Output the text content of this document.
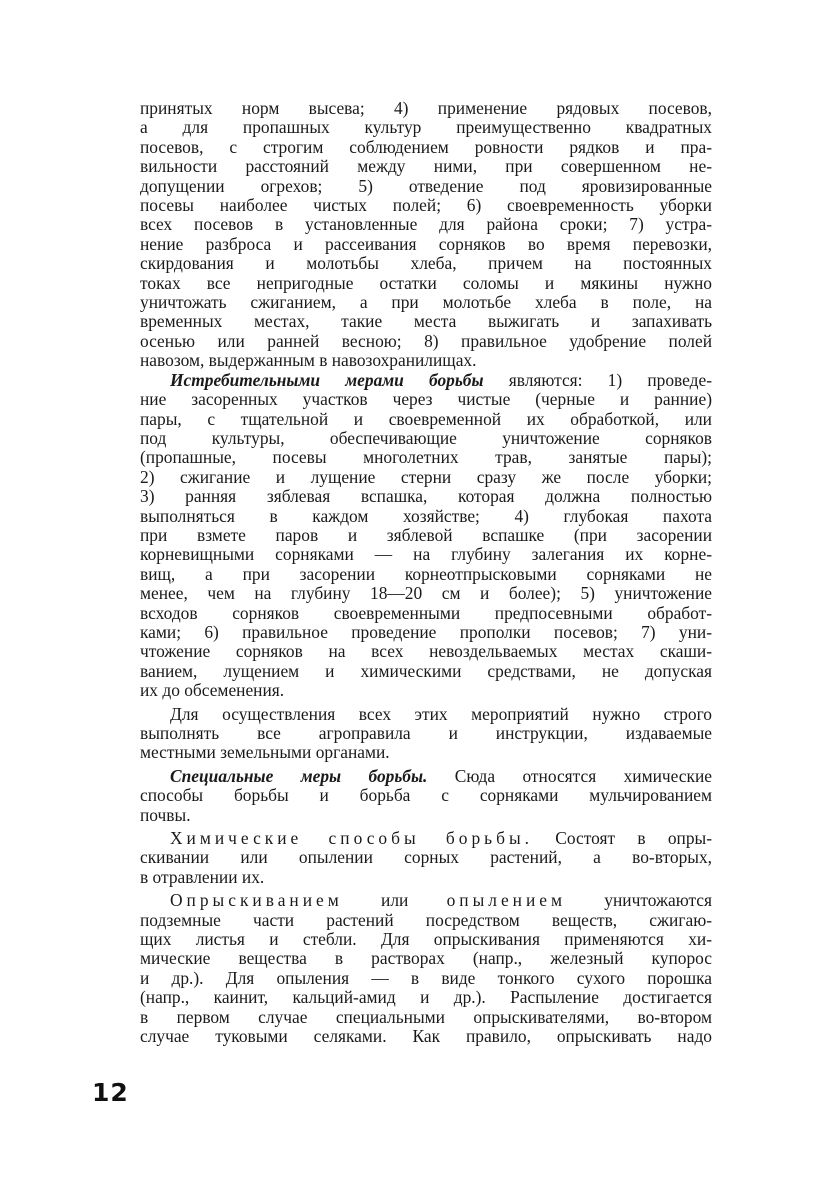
принятых норм высева; 4) применение рядовых посевов,
а для пропашных культур преимущественно квадратных
посевов, с строгим соблюдением ровности рядков и пра-
вильности расстояний между ними, при совершенном не-
допущении огрехов; 5) отведение под яровизированные
посевы наиболее чистых полей; 6) своевременность уборки
всех посевов в установленные для района сроки; 7) устра-
нение разброса и рассеивания сорняков во время перевозки,
скирдования и молотьбы хлеба, причем на постоянных
токах все непригодные остатки соломы и мякины нужно
уничтожать сжиганием, а при молотьбе хлеба в поле, на
временных местах, такие места выжигать и запахивать
осенью или ранней весною; 8) правильное удобрение полей
навозом, выдержанным в навозохранилищах.

Истребительными мерами борьбы являются: 1) проведе-
ние засоренных участков через чистые (черные и ранние)
пары, с тщательной и своевременной их обработкой, или
под культуры, обеспечивающие уничтожение сорняков
(пропашные, посевы многолетних трав, занятые пары);
2) сжигание и лущение стерни сразу же после уборки;
3) ранняя зяблевая вспашка, которая должна полностью
выполняться в каждом хозяйстве; 4) глубокая пахота
при взмете паров и зяблевой вспашке (при засорении
корневищными сорняками — на глубину залегания их корне-
вищ, а при засорении корнеотпрысковыми сорняками не
менее, чем на глубину 18—20 см и более); 5) уничтожение
всходов сорняков своевременными предпосевными обработ-
ками; 6) правильное проведение прополки посевов; 7) уни-
чтожение сорняков на всех невоздельваемых местах скаши-
ванием, лущением и химическими средствами, не допуская
их до обсеменения.

Для осуществления всех этих мероприятий нужно строго
выполнять все агроправила и инструкции, издаваемые
местными земельными органами.

Специальные меры борьбы. Сюда относятся химические
способы борьбы и борьба с сорняками мульчированием
почвы.

Химические способы борьбы. Состоят в опры-
скивании или опылении сорных растений, а во-вторых,
в отравлении их.

Опрыскиванием или опылением уничтожаются
подземные части растений посредством веществ, сжигаю-
щих листья и стебли. Для опрыскивания применяются хи-
мические вещества в растворах (напр., железный купорос
и др.). Для опыления — в виде тонкого сухого порошка
(напр., каинит, кальций-амид и др.). Распыление достигается
в первом случае специальными опрыскивателями, во-втором
случае туковыми селяками. Как правило, опрыскивать надо

12
